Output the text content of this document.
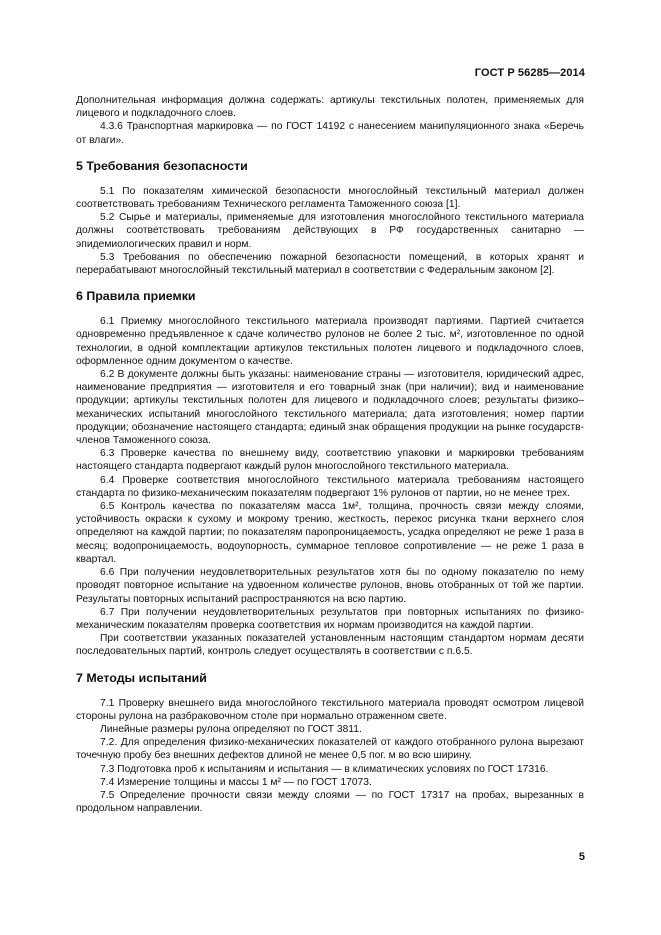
ГОСТ Р 56285—2014

Дополнительная информация должна содержать: артикулы текстильных полотен, применяемых для лицевого и подкладочного слоев.

4.3.6 Транспортная маркировка — по ГОСТ 14192 с нанесением манипуляционного знака «Беречь от влаги».

5 Требования безопасности

5.1 По показателям химической безопасности многослойный текстильный материал должен соответствовать требованиям Технического регламента Таможенного союза [1].

5.2 Сырье и материалы, применяемые для изготовления многослойного текстильного материала должны соответствовать требованиям действующих в РФ государственных санитарно — эпидемиологических правил и норм.

5.3 Требования по обеспечению пожарной безопасности помещений, в которых хранят и перерабатывают многослойный текстильный материал в соответствии с Федеральным законом [2].

6 Правила приемки

6.1 Приемку многослойного текстильного материала производят партиями. Партией считается одновременно предъявленное к сдаче количество рулонов не более 2 тыс. м², изготовленное по одной технологии, в одной комплектации артикулов текстильных полотен лицевого и подкладочного слоев, оформленное одним документом о качестве.

6.2 В документе должны быть указаны: наименование страны — изготовителя, юридический адрес, наименование предприятия — изготовителя и его товарный знак (при наличии); вид и наименование продукции; артикулы текстильных полотен для лицевого и подкладочного слоев; результаты физико–механических испытаний многослойного текстильного материала; дата изготовления; номер партии продукции; обозначение настоящего стандарта; единый знак обращения продукции на рынке государств-членов Таможенного союза.

6.3 Проверке качества по внешнему виду, соответствию упаковки и маркировки требованиям настоящего стандарта подвергают каждый рулон многослойного текстильного материала.

6.4 Проверке соответствия многослойного текстильного материала требованиям настоящего стандарта по физико-механическим показателям подвергают 1% рулонов от партии, но не менее трех.

6.5 Контроль качества по показателям масса 1м², толщина, прочность связи между слоями, устойчивость окраски к сухому и мокрому трению, жесткость, перекос рисунка ткани верхнего слоя определяют на каждой партии; по показателям паропроницаемость, усадка определяют не реже 1 раза в месяц; водопроницаемость, водоупорность, суммарное тепловое сопротивление — не реже 1 раза в квартал.

6.6 При получении неудовлетворительных результатов хотя бы по одному показателю по нему проводят повторное испытание на удвоенном количестве рулонов, вновь отобранных от той же партии. Результаты повторных испытаний распространяются на всю партию.

6.7 При получении неудовлетворительных результатов при повторных испытаниях по физико-механическим показателям проверка соответствия их нормам производится на каждой партии.

При соответствии указанных показателей установленным настоящим стандартом нормам десяти последовательных партий, контроль следует осуществлять в соответствии с п.6.5.

7 Методы испытаний

7.1 Проверку внешнего вида многослойного текстильного материала проводят осмотром лицевой стороны рулона на разбраковочном столе при нормально отраженном свете.

Линейные размеры рулона определяют по ГОСТ 3811.

7.2. Для определения физико-механических показателей от каждого отобранного рулона вырезают точечную пробу без внешних дефектов длиной не менее 0,5 пог. м во всю ширину.

7.3 Подготовка проб к испытаниям и испытания — в климатических условиях по ГОСТ 17316.

7.4 Измерение толщины и массы 1 м² — по ГОСТ 17073.

7.5 Определение прочности связи между слоями — по ГОСТ 17317 на пробах, вырезанных в продольном направлении.

5
